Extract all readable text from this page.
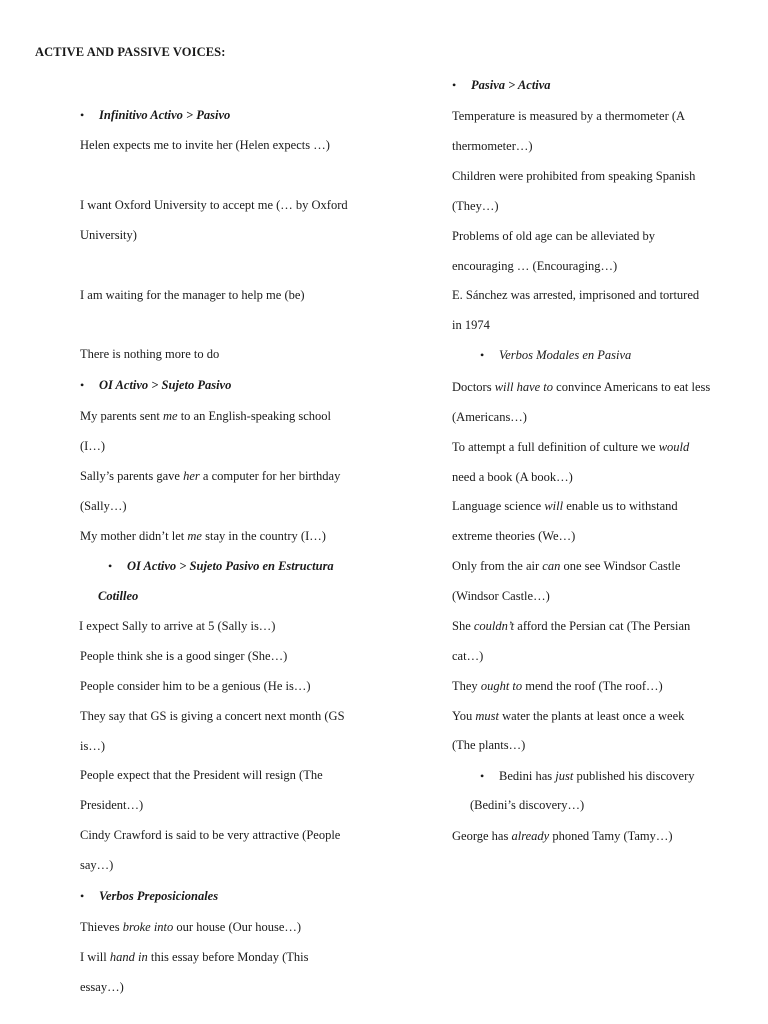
ACTIVE AND PASSIVE VOICES:
• Infinitivo Activo > Pasivo
Helen expects me to invite her (Helen expects …)
I want Oxford University to accept me (… by Oxford
University)
I am waiting for the manager to help me (be)
There is nothing more to do
• OI Activo > Sujeto Pasivo
My parents sent me to an English-speaking school
(I…)
Sally’s parents gave her a computer for her birthday
(Sally…)
My mother didn’t let me stay in the country (I…)
• OI Activo > Sujeto Pasivo en Estructura
Cotilleo
I expect Sally to arrive at 5 (Sally is…)
People think she is a good singer (She…)
People consider him to be a genious (He is…)
They say that GS is giving a concert next month (GS
is…)
People expect that the President will resign (The
President…)
Cindy Crawford is said to be very attractive (People
say…)
• Verbos Preposicionales
Thieves broke into our house (Our house…)
I will hand in this essay before Monday (This
essay…)
• Pasiva > Activa
Temperature is measured by a thermometer (A
thermometer…)
Children were prohibited from speaking Spanish
(They…)
Problems of old age can be alleviated by
encouraging … (Encouraging…)
E. Sánchez was arrested, imprisoned and tortured
in 1974
• Verbos Modales en Pasiva
Doctors will have to convince Americans to eat less
(Americans…)
To attempt a full definition of culture we would
need a book (A book…)
Language science will enable us to withstand
extreme theories (We…)
Only from the air can one see Windsor Castle
(Windsor Castle…)
She couldn’t afford the Persian cat (The Persian
cat…)
They ought to mend the roof (The roof…)
You must water the plants at least once a week
(The plants…)
• Bedini has just published his discovery
(Bedini’s discovery…)
George has already phoned Tamy (Tamy…)
